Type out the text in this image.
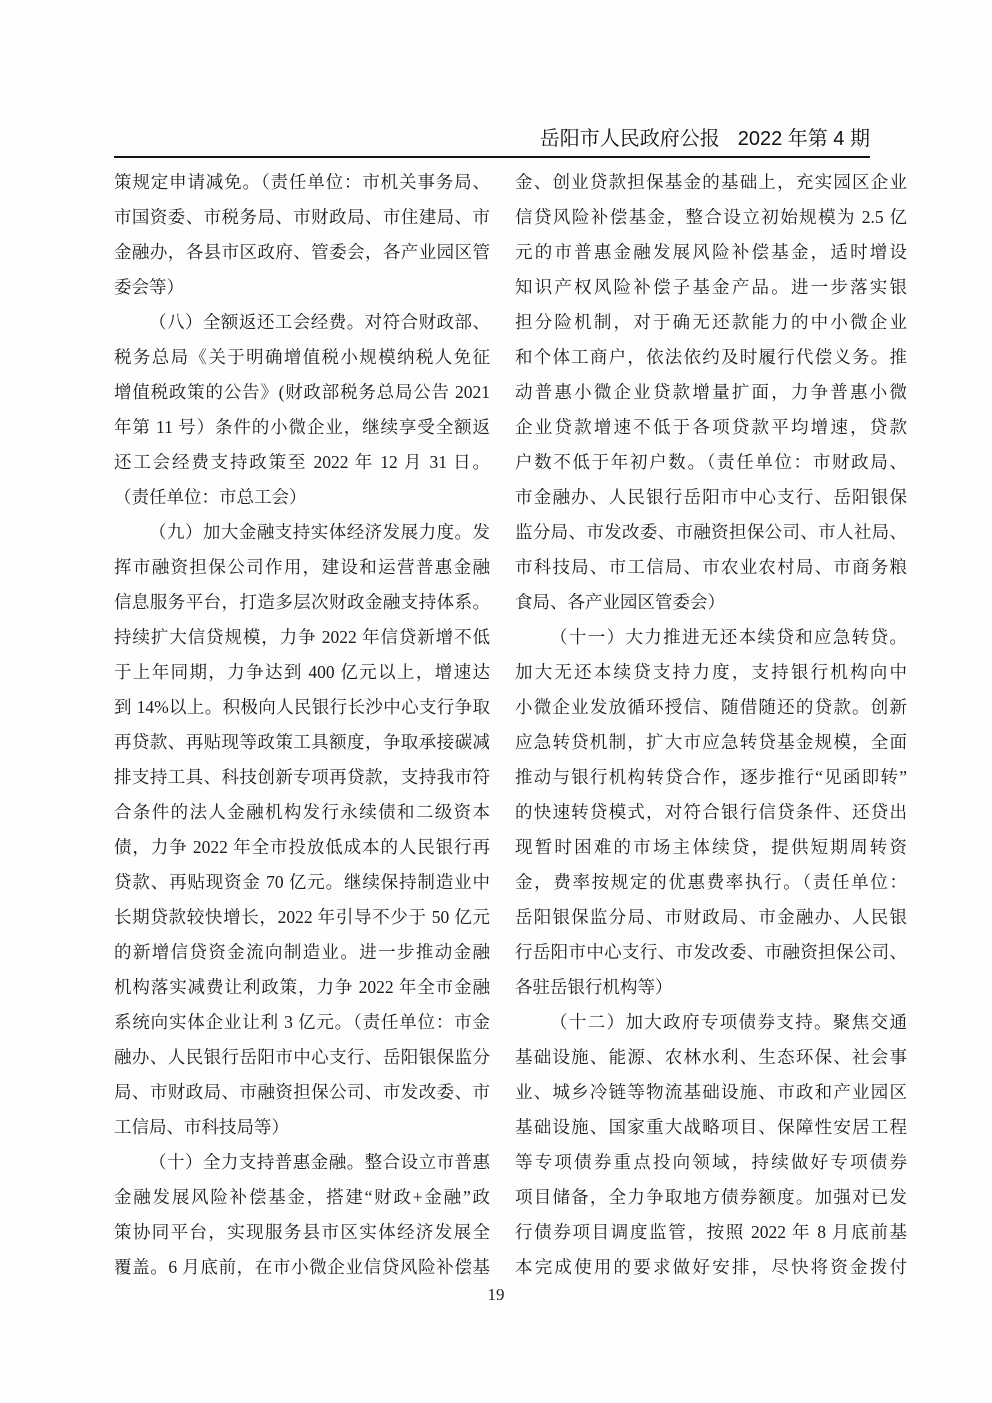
岳阳市人民政府公报 2022 年第 4 期
策规定申请减免。（责任单位：市机关事务局、
市国资委、市税务局、市财政局、市住建局、市
金融办，各县市区政府、管委会，各产业园区管
委会等）
（八）全额返还工会经费。对符合财政部、
税务总局《关于明确增值税小规模纳税人免征
增值税政策的公告》(财政部税务总局公告 2021
年第 11 号）条件的小微企业，继续享受全额返
还工会经费支持政策至 2022 年 12 月 31 日。
（责任单位：市总工会）
（九）加大金融支持实体经济发展力度。发
挥市融资担保公司作用，建设和运营普惠金融
信息服务平台，打造多层次财政金融支持体系。
持续扩大信贷规模，力争 2022 年信贷新增不低
于上年同期，力争达到 400 亿元以上，增速达
到 14%以上。积极向人民银行长沙中心支行争取
再贷款、再贴现等政策工具额度，争取承接碳减
排支持工具、科技创新专项再贷款，支持我市符
合条件的法人金融机构发行永续债和二级资本
债，力争 2022 年全市投放低成本的人民银行再
贷款、再贴现资金 70 亿元。继续保持制造业中
长期贷款较快增长，2022 年引导不少于 50 亿元
的新增信贷资金流向制造业。进一步推动金融
机构落实减费让利政策，力争 2022 年全市金融
系统向实体企业让利 3 亿元。（责任单位：市金
融办、人民银行岳阳市中心支行、岳阳银保监分
局、市财政局、市融资担保公司、市发改委、市
工信局、市科技局等）
（十）全力支持普惠金融。整合设立市普惠
金融发展风险补偿基金，搭建“财政+金融”政
策协同平台，实现服务县市区实体经济发展全
覆盖。6 月底前，在市小微企业信贷风险补偿基
金、创业贷款担保基金的基础上，充实园区企业
信贷风险补偿基金，整合设立初始规模为 2.5 亿
元的市普惠金融发展风险补偿基金，适时增设
知识产权风险补偿子基金产品。进一步落实银
担分险机制，对于确无还款能力的中小微企业
和个体工商户，依法依约及时履行代偿义务。推
动普惠小微企业贷款增量扩面，力争普惠小微
企业贷款增速不低于各项贷款平均增速，贷款
户数不低于年初户数。（责任单位：市财政局、
市金融办、人民银行岳阳市中心支行、岳阳银保
监分局、市发改委、市融资担保公司、市人社局、
市科技局、市工信局、市农业农村局、市商务粮
食局、各产业园区管委会）
（十一）大力推进无还本续贷和应急转贷。
加大无还本续贷支持力度，支持银行机构向中
小微企业发放循环授信、随借随还的贷款。创新
应急转贷机制，扩大市应急转贷基金规模，全面
推动与银行机构转贷合作，逐步推行“见函即转”
的快速转贷模式，对符合银行信贷条件、还贷出
现暂时困难的市场主体续贷，提供短期周转资
金，费率按规定的优惠费率执行。（责任单位：
岳阳银保监分局、市财政局、市金融办、人民银
行岳阳市中心支行、市发改委、市融资担保公司、
各驻岳银行机构等）
（十二）加大政府专项债券支持。聚焦交通
基础设施、能源、农林水利、生态环保、社会事
业、城乡冷链等物流基础设施、市政和产业园区
基础设施、国家重大战略项目、保障性安居工程
等专项债券重点投向领域，持续做好专项债券
项目储备，全力争取地方债券额度。加强对已发
行债券项目调度监管，按照 2022 年 8 月底前基
本完成使用的要求做好安排，尽快将资金拨付
19
